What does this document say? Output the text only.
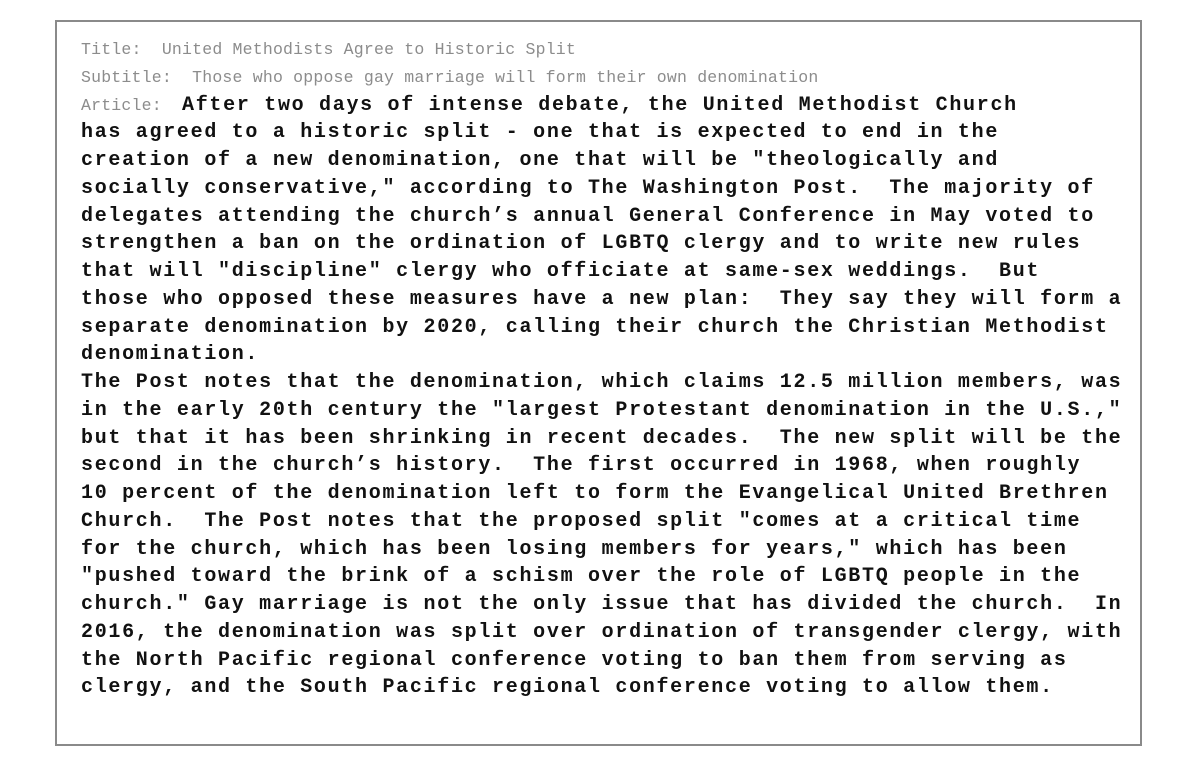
Title:  United Methodists Agree to Historic Split
Subtitle:  Those who oppose gay marriage will form their own denomination
Article:  After two days of intense debate, the United Methodist Church
has agreed to a historic split - one that is expected to end in the
creation of a new denomination, one that will be "theologically and
socially conservative," according to The Washington Post.  The majority of
delegates attending the church’s annual General Conference in May voted to
strengthen a ban on the ordination of LGBTQ clergy and to write new rules
that will "discipline" clergy who officiate at same-sex weddings.  But
those who opposed these measures have a new plan:  They say they will form a
separate denomination by 2020, calling their church the Christian Methodist
denomination.
The Post notes that the denomination, which claims 12.5 million members, was
in the early 20th century the "largest Protestant denomination in the U.S.,"
but that it has been shrinking in recent decades.  The new split will be the
second in the church’s history.  The first occurred in 1968, when roughly
10 percent of the denomination left to form the Evangelical United Brethren
Church.  The Post notes that the proposed split "comes at a critical time
for the church, which has been losing members for years," which has been
"pushed toward the brink of a schism over the role of LGBTQ people in the
church." Gay marriage is not the only issue that has divided the church.  In
2016, the denomination was split over ordination of transgender clergy, with
the North Pacific regional conference voting to ban them from serving as
clergy, and the South Pacific regional conference voting to allow them.
